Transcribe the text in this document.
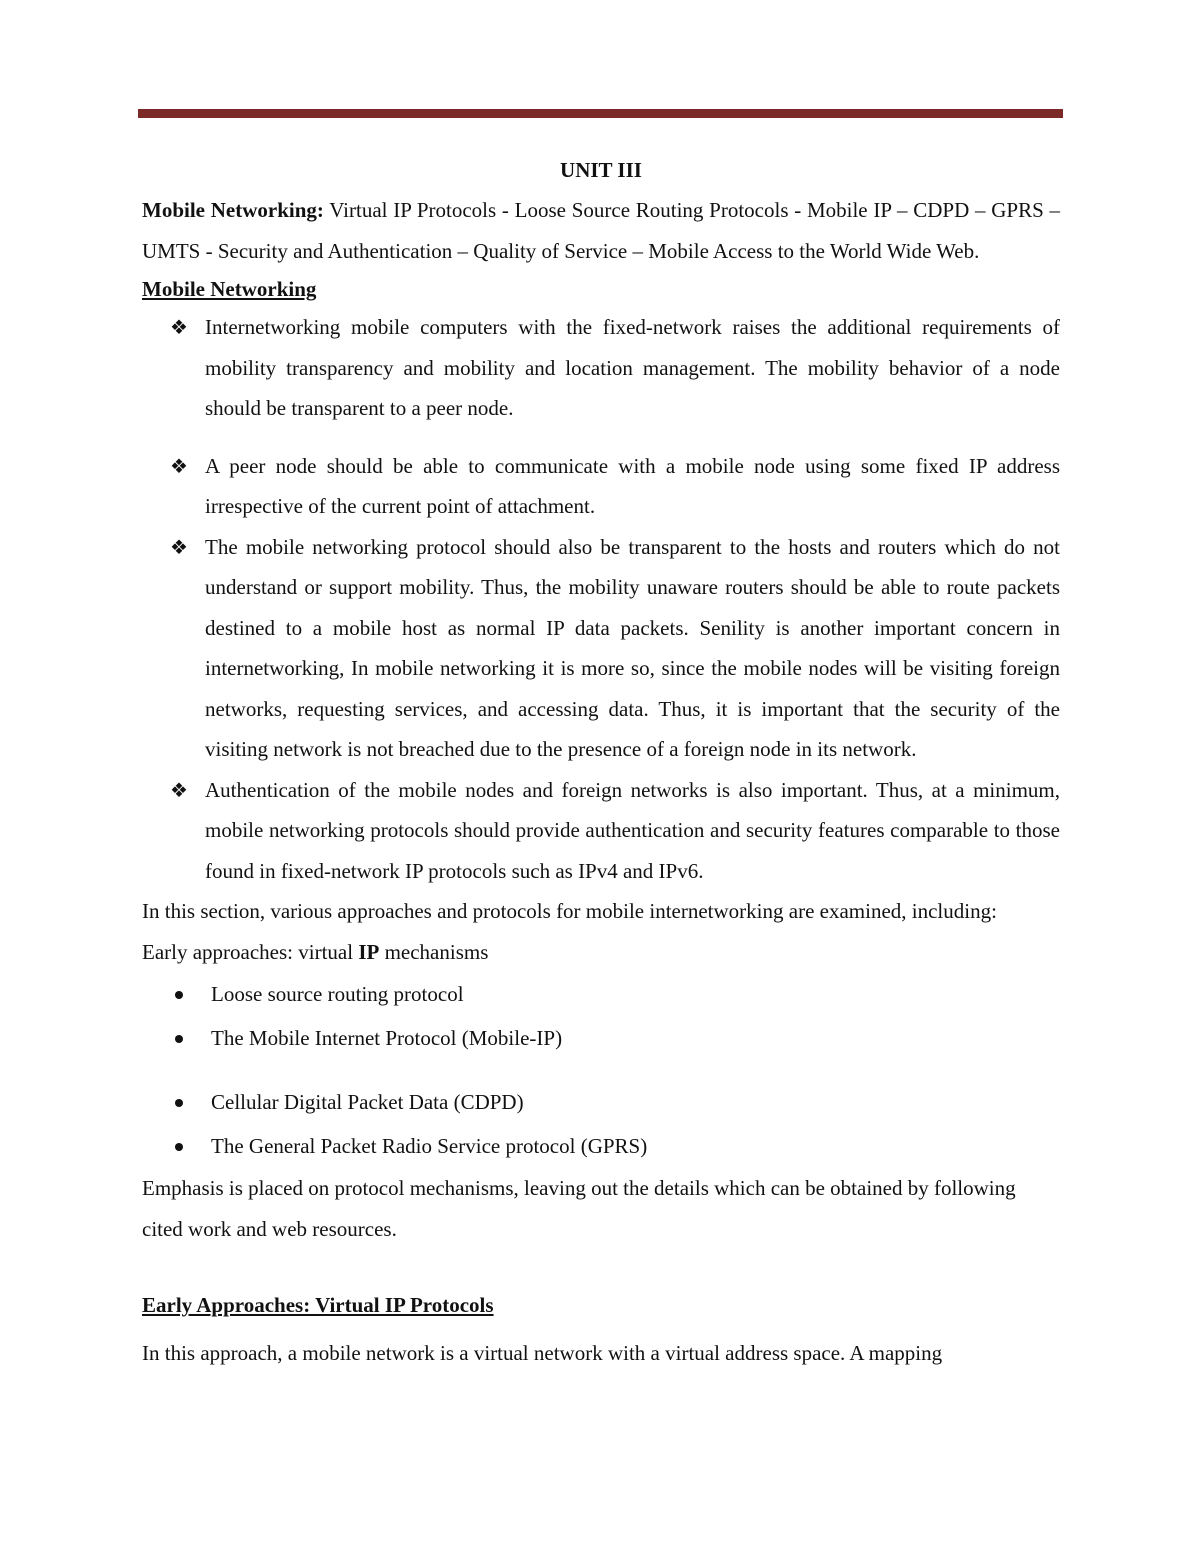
UNIT III

Mobile Networking: Virtual IP Protocols - Loose Source Routing Protocols - Mobile IP – CDPD – GPRS – UMTS - Security and Authentication – Quality of Service – Mobile Access to the World Wide Web.

Mobile Networking
❖ Internetworking mobile computers with the fixed-network raises the additional requirements of mobility transparency and mobility and location management. The mobility behavior of a node should be transparent to a peer node.
❖ A peer node should be able to communicate with a mobile node using some fixed IP address irrespective of the current point of attachment.
❖ The mobile networking protocol should also be transparent to the hosts and routers which do not understand or support mobility. Thus, the mobility unaware routers should be able to route packets destined to a mobile host as normal IP data packets. Senility is another important concern in internetworking, In mobile networking it is more so, since the mobile nodes will be visiting foreign networks, requesting services, and accessing data. Thus, it is important that the security of the visiting network is not breached due to the presence of a foreign node in its network.
❖ Authentication of the mobile nodes and foreign networks is also important. Thus, at a minimum, mobile networking protocols should provide authentication and security features comparable to those found in fixed-network IP protocols such as IPv4 and IPv6.

In this section, various approaches and protocols for mobile internetworking are examined, including:

Early approaches: virtual IP mechanisms

Loose source routing protocol
The Mobile Internet Protocol (Mobile-IP)
Cellular Digital Packet Data (CDPD)
The General Packet Radio Service protocol (GPRS)

Emphasis is placed on protocol mechanisms, leaving out the details which can be obtained by following cited work and web resources.

Early Approaches: Virtual IP Protocols

In this approach, a mobile network is a virtual network with a virtual address space. A mapping
